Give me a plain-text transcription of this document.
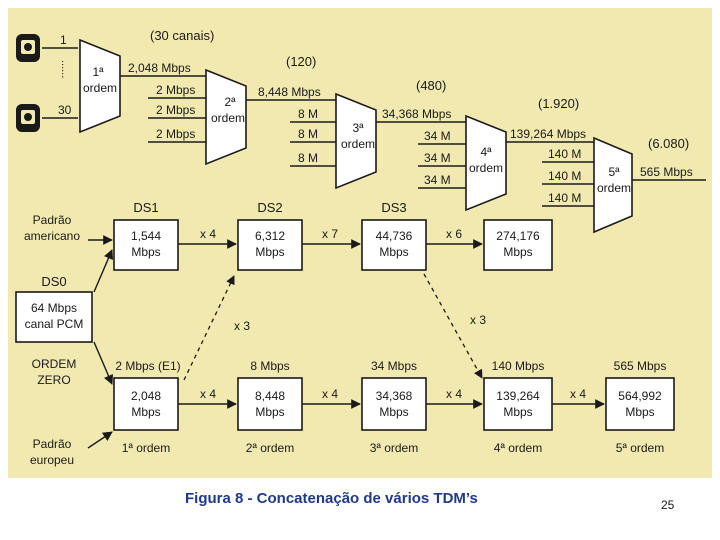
1
30
......
(30 canais)
(120)
(480)
(1.920)
(6.080)
1ª
ordem
2,048 Mbps
2ª
ordem
2 Mbps
2 Mbps
2 Mbps
8,448 Mbps
3ª
ordem
8 M
8 M
8 M
34,368 Mbps
4ª
ordem
34 M
34 M
34 M
139,264 Mbps
5ª
ordem
140 M
140 M
140 M
565 Mbps
Padrão
americano
DS0
64 Mbps
canal PCM
ORDEM
ZERO
DS1	DS2	DS3
1,544
Mbps
6,312
Mbps
44,736
Mbps
274,176
Mbps
x 4	x 7	x 6
x 3	x 3
2 Mbps (E1)	8 Mbps	34 Mbps	140 Mbps	565 Mbps
2,048
Mbps
8,448
Mbps
34,368
Mbps
139,264
Mbps
564,992
Mbps
x 4	x 4	x 4	x 4
Padrão
europeu
1ª ordem	2ª ordem	3ª ordem	4ª ordem	5ª ordem
Figura 8 - Concatenação de vários TDM’s	25
